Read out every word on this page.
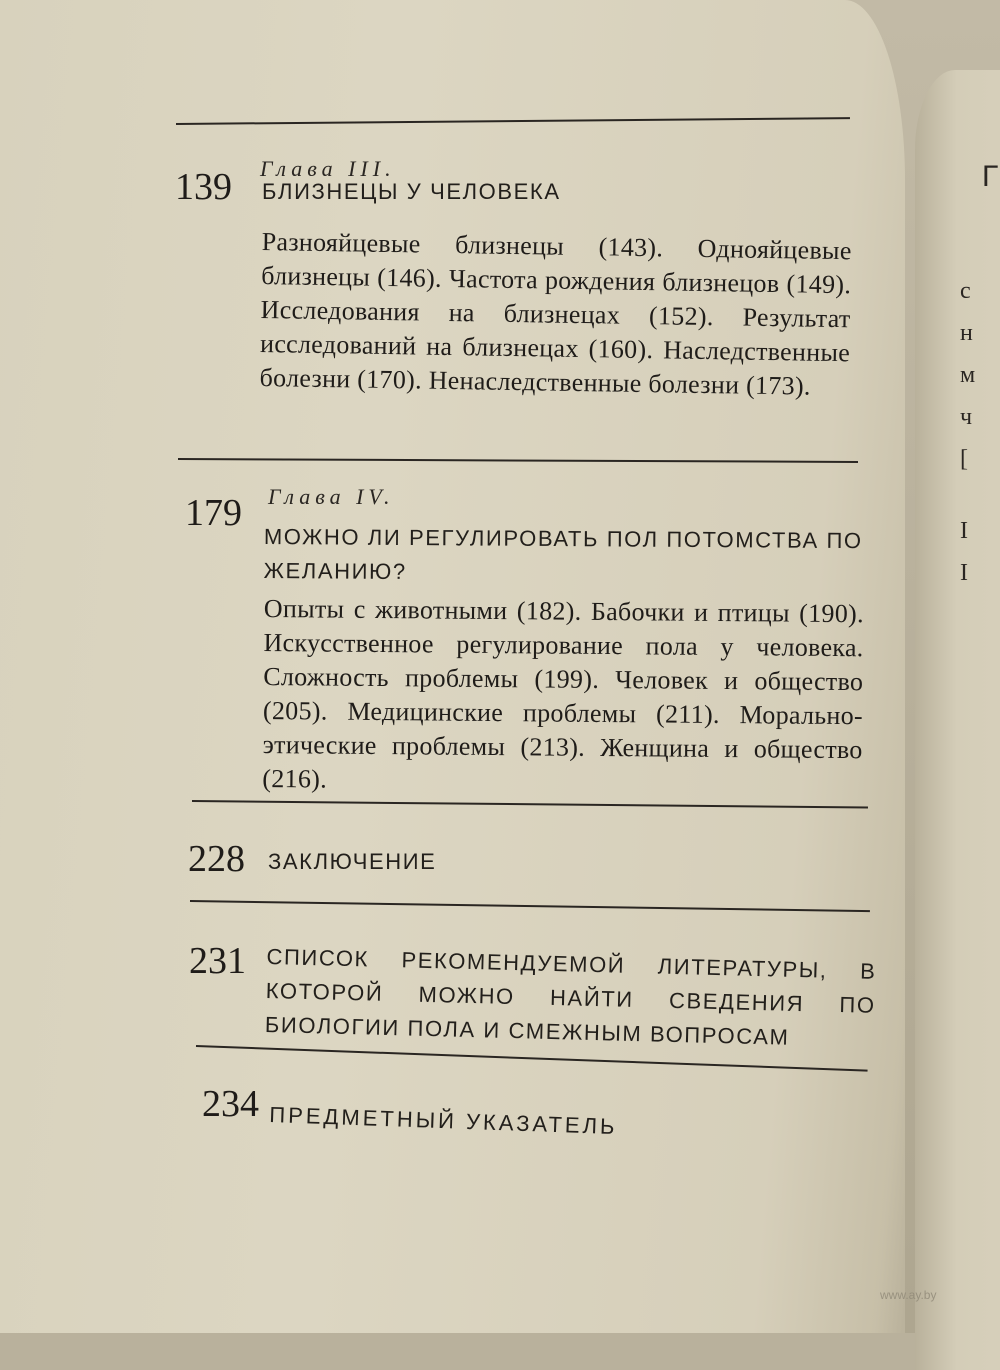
Г
с
н
м
ч
[
I
I
139 Глава III.
БЛИЗНЕЦЫ У ЧЕЛОВЕКА
Разнояйцевые близнецы (143). Однояйцевые близнецы (146). Частота рождения близнецов (149). Исследования на близнецах (152). Результат исследований на близнецах (160). Наследственные болезни (170). Ненаследственные болезни (173).
179 Глава IV.
МОЖНО ЛИ РЕГУЛИРОВАТЬ ПОЛ ПОТОМСТВА ПО ЖЕЛАНИЮ?
Опыты с животными (182). Бабочки и птицы (190). Искусственное регулирование пола у человека. Сложность проблемы (199). Человек и общество (205). Медицинские проблемы (211). Морально-этические проблемы (213). Женщина и общество (216).
228 ЗАКЛЮЧЕНИЕ
231 СПИСОК РЕКОМЕНДУЕМОЙ ЛИТЕРАТУРЫ, В КОТОРОЙ МОЖНО НАЙТИ СВЕДЕНИЯ ПО БИОЛОГИИ ПОЛА И СМЕЖНЫМ ВОПРОСАМ
234 ПРЕДМЕТНЫЙ УКАЗАТЕЛЬ
www.ay.by
